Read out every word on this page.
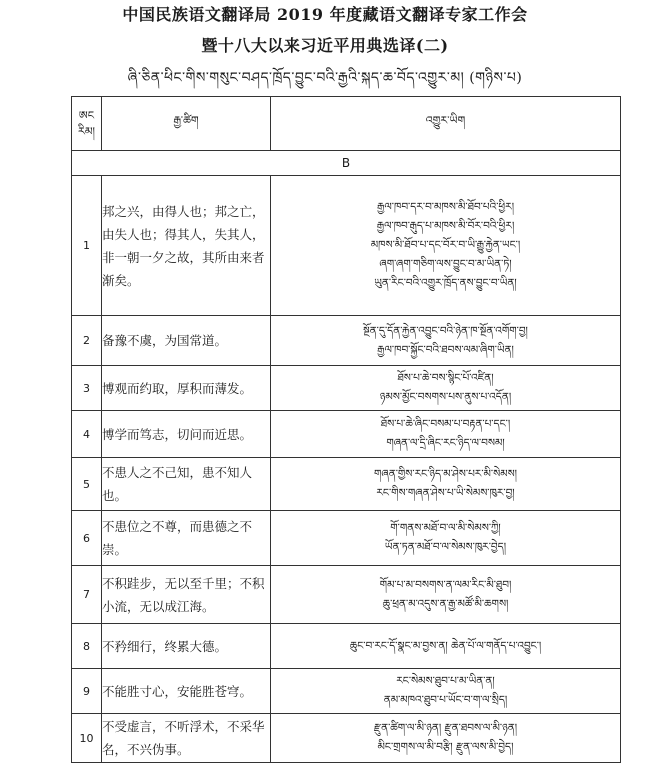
中国民族语文翻译局 2019 年度藏语文翻译专家工作会
暨十八大以来习近平用典选译(二)
ཞི་ཅིན་ཕིང་གིས་གསུང་བཤད་ཁྲོད་བྱུང་བའི་རྒྱའི་སྐད་ཆ་བོད་འགྱུར་མ། (གཉིས་པ)
ཨང
རིམ།	རྒྱ་ཚིག	འགྱུར་ཡིག
B		
1	邦之兴，由得人也；邦之亡，由失人也；得其人，失其人，非一朝一夕之故，其所由来者渐矣。	རྒྱལ་ཁབ་དར་བ་མཁས་མི་ཐོབ་པའི་ཕྱིར།
རྒྱལ་ཁབ་རྒུད་པ་མཁས་མི་བོར་བའི་ཕྱིར།
མཁས་མི་ཐོབ་པ་དང་བོར་བ་ཡི་རྒྱུ་རྐྱེན་ཡང་།
ཞག་ཞག་གཅིག་ལས་བྱུང་བ་མ་ཡིན་ཏེ།
ཡུན་རིང་བའི་འགྱུར་ཁྲོད་ནས་བྱུང་བ་ཡིན།

2	备豫不虞，为国常道。	སྔོན་དུ་དོན་རྐྱེན་འབྱུང་བའི་ཉེན་ཁ་སྔོན་འགོག་བྱ།
རྒྱལ་ཁབ་སྐྱོང་བའི་ཐབས་ལམ་ཞིག་ཡིན།

3	博观而约取，厚积而薄发。	ཐོས་པ་ཆེ་བས་སྙིང་པོ་འཛིན།
ཉམས་མྱོང་བསགས་པས་ནུས་པ་འདོན།

4	博学而笃志，切问而近思。	ཐོས་པ་ཆེ་ཞིང་བསམ་པ་བརྟན་པ་དང་།
གཞན་ལ་དྲི་ཞིང་རང་ཉིད་ལ་བསམ།

5	不患人之不己知，患不知人也。	གཞན་གྱིས་རང་ཉིད་མ་ཤེས་པར་མི་སེམས།
རང་གིས་གཞན་ཤེས་པ་ཡི་སེམས་ཁུར་བྱ།

6	不患位之不尊，而患德之不崇。	གོ་གནས་མཐོ་བ་ལ་མི་སེམས་ཀྱི།
ཡོན་ཏན་མཐོ་བ་ལ་སེམས་ཁུར་བྱེད།

7	不积跬步，无以至千里；不积小流，无以成江海。	གོམ་པ་མ་བསགས་ན་ལམ་རིང་མི་ཐུབ།
ཆུ་ཕྲན་མ་འདུས་ན་རྒྱ་མཚོ་མི་ཆགས།

8	不矜细行，终累大德。	ཆུང་བ་རང་དོ་སྣང་མ་བྱས་ན། ཆེན་པོ་ལ་གནོད་པ་འབྱུང་།

9	不能胜寸心，安能胜苍穹。	རང་སེམས་ཐུབ་པ་མ་ཡིན་ན།
ནམ་མཁའ་ཐུབ་པ་ཡོང་བ་ག་ལ་སྲིད།

10	不受虚言，不听浮术，不采华名，不兴伪事。	རྫུན་ཚིག་ལ་མི་ཉན། རྫུན་ཐབས་ལ་མི་ཉན།
མིང་གྲགས་ལ་མི་བརྩི། རྫུན་ལས་མི་བྱེད།
